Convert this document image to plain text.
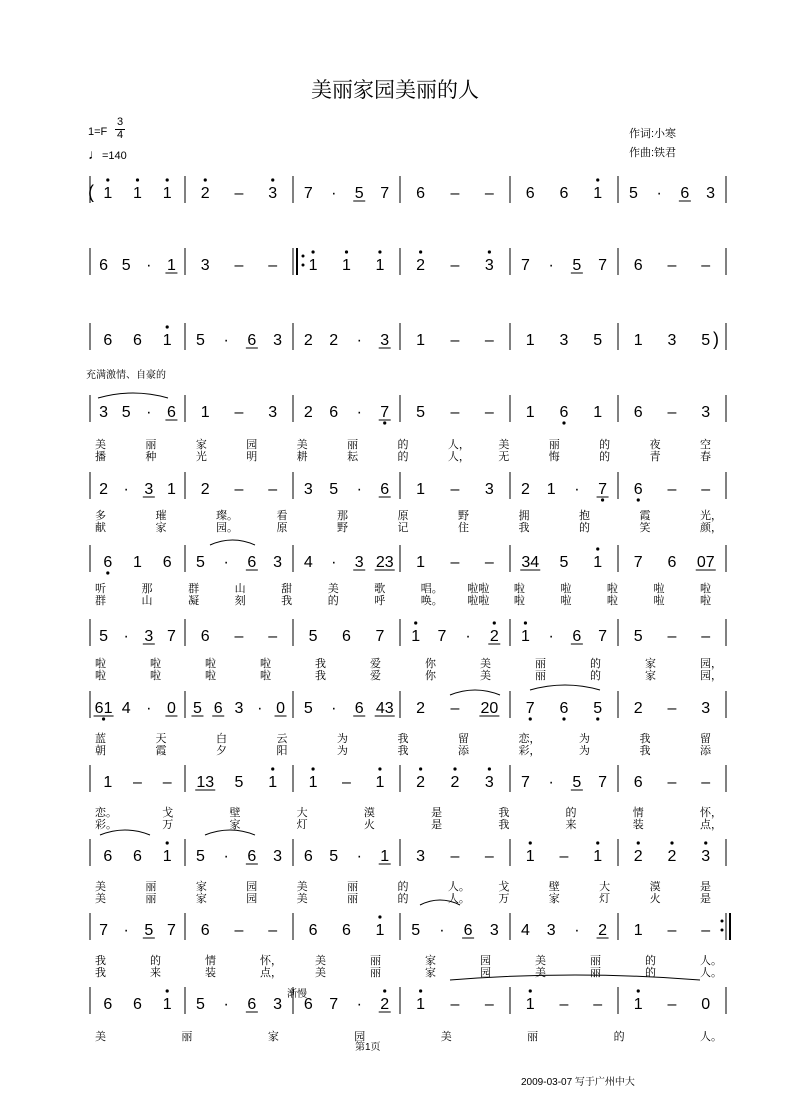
美丽家园美丽的人
作词:小寒
作曲:铁君
1=F
♩=140
3
4
充满激情、自豪的
渐慢
第1页
2009-03-07 写于广州中大
1 1 1 2 – 3 7 · 5 7 6 – – 6 6 1 5 · 6 3
6 5 · 1 3 – – 1 1 1 2 – 3 7 · 5 7 6 – –
6 6 1 5 · 6 3 2 2 · 3 1 – – 1 3 5 1 3 5
3 5 · 6 1 – 3 2 6 · 7 5 – – 1 6 1 6 – 3
美	丽	家	园	美	丽	的	人，	美	丽	的	夜	空
播	种	光	明	耕	耘	的	人，	无	悔	的	青	春
2 · 3 1 2 – – 3 5 · 6 1 – 3 2 1 · 7 6 – –
多	璀	璨。	看	那	原	野	拥	抱	霞	光，
献	家	园。	原	野	记	住	我	的	笑	颜，
6 1 6 5 · 6 3 4 · 3 23 1 – – 34 5 1 7 6 07
听	那	群	山	甜	美	歌	唱。 啦啦 啦	啦	啦	啦	啦
群	山	凝	刻	我	的	呼	唤。 啦啦 啦	啦	啦	啦	啦
5 · 3 7 6 – – 5 6 7 1 7 · 2 1 · 6 7 5 – –
啦	啦	啦	啦	我	爱	你	美	丽	的	家	园，
啦	啦	啦	啦	我	爱	你	美	丽	的	家	园，
61 4 · 0 5 6 3 · 0 5 · 6 43 2 – 20 7 6 5 2 – 3
蓝	天	白	云	为	我	留	恋，	为	我	留
朝	霞	夕	阳	为	我	添	彩，	为	我	添
1 – – 13 5 1 1 – 1 2 2 3 7 · 5 7 6 – –
恋。	戈	壁	大	漠	是	我	的	情	怀，
彩。	万	家	灯	火	是	我	来	装	点，
6 6 1 5 · 6 3 6 5 · 1 3 – – 1 – 1 2 2 3
美	丽	家	园	美	丽	的	人。	戈	壁	大	漠	是
美	丽	家	园	美	丽	的	人。	万	家	灯	火	是
7 · 5 7 6 – – 6 6 1 5 · 6 3 4 3 · 2 1 – –
我	的	情	怀，	美	丽	家	园	美	丽	的	人。
我	来	装	点，	美	丽	家	园	美	丽	的	人。
6 6 1 5 · 6 3 6 7 · 2 1 – – 1 – – 1 – 0
美	丽	家	园	美	丽	的	人。
(
)
